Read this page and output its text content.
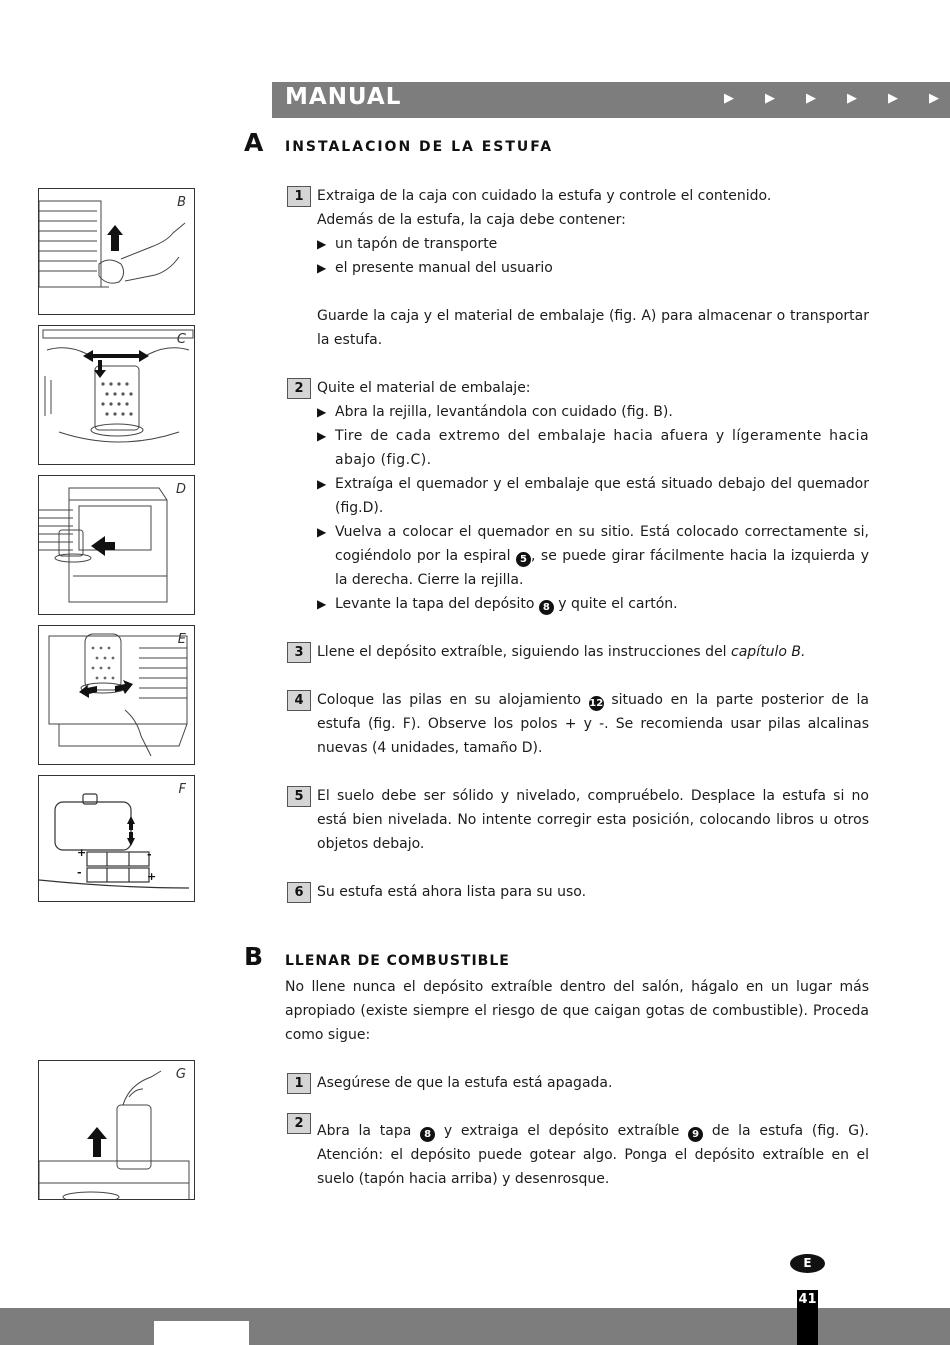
MANUAL	▶	▶	▶	▶	▶	▶
A INSTALACION DE LA ESTUFA
1 Extraiga de la caja con cuidado la estufa y controle el contenido.
Además de la estufa, la caja debe contener:
▶ un tapón de transporte
▶ el presente manual del usuario
Guarde la caja y el material de embalaje (fig. A) para almacenar o transportar la estufa.
2 Quite el material de embalaje:
▶ Abra la rejilla, levantándola con cuidado (fig. B).
▶ Tire de cada extremo del embalaje hacia afuera y lígeramente hacia abajo (fig.C).
▶ Extraíga el quemador y el embalaje que está situado debajo del quemador (fig.D).
▶ Vuelva a colocar el quemador en su sitio. Está colocado correctamente si, cogiéndolo por la espiral 5 , se puede girar fácilmente hacia la izquierda y la derecha. Cierre la rejilla.
▶ Levante la tapa del depósito 8 y quite el cartón.
3 Llene el depósito extraíble, siguiendo las instrucciones del capítulo B.
4 Coloque las pilas en su alojamiento 12 situado en la parte posterior de la estufa (fig. F). Observe los polos + y -. Se recomienda usar pilas alcalinas nuevas (4 unidades, tamaño D).
5 El suelo debe ser sólido y nivelado, compruébelo. Desplace la estufa si no está bien nivelada. No intente corregir esta posición, colocando libros u otros objetos debajo.
6 Su estufa está ahora lista para su uso.
B LLENAR DE COMBUSTIBLE
No llene nunca el depósito extraíble dentro del salón, hágalo en un lugar más apropiado (existe siempre el riesgo de que caigan gotas de combustible). Proceda como sigue:
1 Asegúrese de que la estufa está apagada.
2 Abra la tapa 8 y extraiga el depósito extraíble 9 de la estufa (fig. G). Atención: el depósito puede gotear algo. Ponga el depósito extraíble en el suelo (tapón hacia arriba) y desenrosque.
B
C
D
E
+	-
-	+
F
G
E
41
